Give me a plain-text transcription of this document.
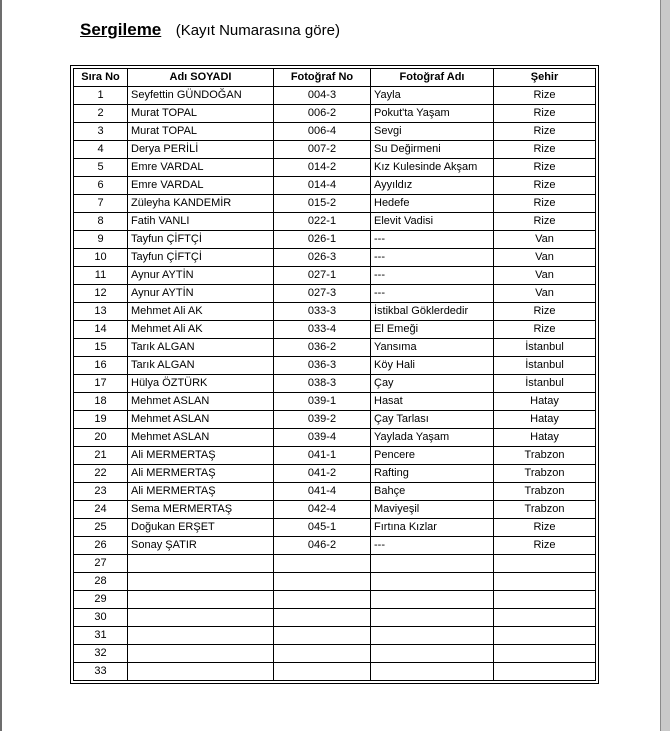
Sergileme (Kayıt Numarasına göre)
Sıra No	Adı SOYADI	Fotoğraf No	Fotoğraf Adı	Şehir
1	Seyfettin GÜNDOĞAN	004-3	Yayla	Rize
2	Murat TOPAL	006-2	Pokut'ta Yaşam	Rize
3	Murat TOPAL	006-4	Sevgi	Rize
4	Derya PERİLİ	007-2	Su Değirmeni	Rize
5	Emre VARDAL	014-2	Kız Kulesinde Akşam	Rize
6	Emre VARDAL	014-4	Ayyıldız	Rize
7	Züleyha KANDEMİR	015-2	Hedefe	Rize
8	Fatih VANLI	022-1	Elevit Vadisi	Rize
9	Tayfun ÇİFTÇİ	026-1	---	Van
10	Tayfun ÇİFTÇİ	026-3	---	Van
11	Aynur AYTİN	027-1	---	Van
12	Aynur AYTİN	027-3	---	Van
13	Mehmet Ali AK	033-3	İstikbal Göklerdedir	Rize
14	Mehmet Ali AK	033-4	El Emeği	Rize
15	Tarık ALGAN	036-2	Yansıma	İstanbul
16	Tarık ALGAN	036-3	Köy Hali	İstanbul
17	Hülya ÖZTÜRK	038-3	Çay	İstanbul
18	Mehmet ASLAN	039-1	Hasat	Hatay
19	Mehmet ASLAN	039-2	Çay Tarlası	Hatay
20	Mehmet ASLAN	039-4	Yaylada Yaşam	Hatay
21	Ali MERMERTAŞ	041-1	Pencere	Trabzon
22	Ali MERMERTAŞ	041-2	Rafting	Trabzon
23	Ali MERMERTAŞ	041-4	Bahçe	Trabzon
24	Sema MERMERTAŞ	042-4	Maviyeşil	Trabzon
25	Doğukan ERŞET	045-1	Fırtına Kızlar	Rize
26	Sonay ŞATIR	046-2	---	Rize
27				
28				
29				
30				
31				
32				
33				
